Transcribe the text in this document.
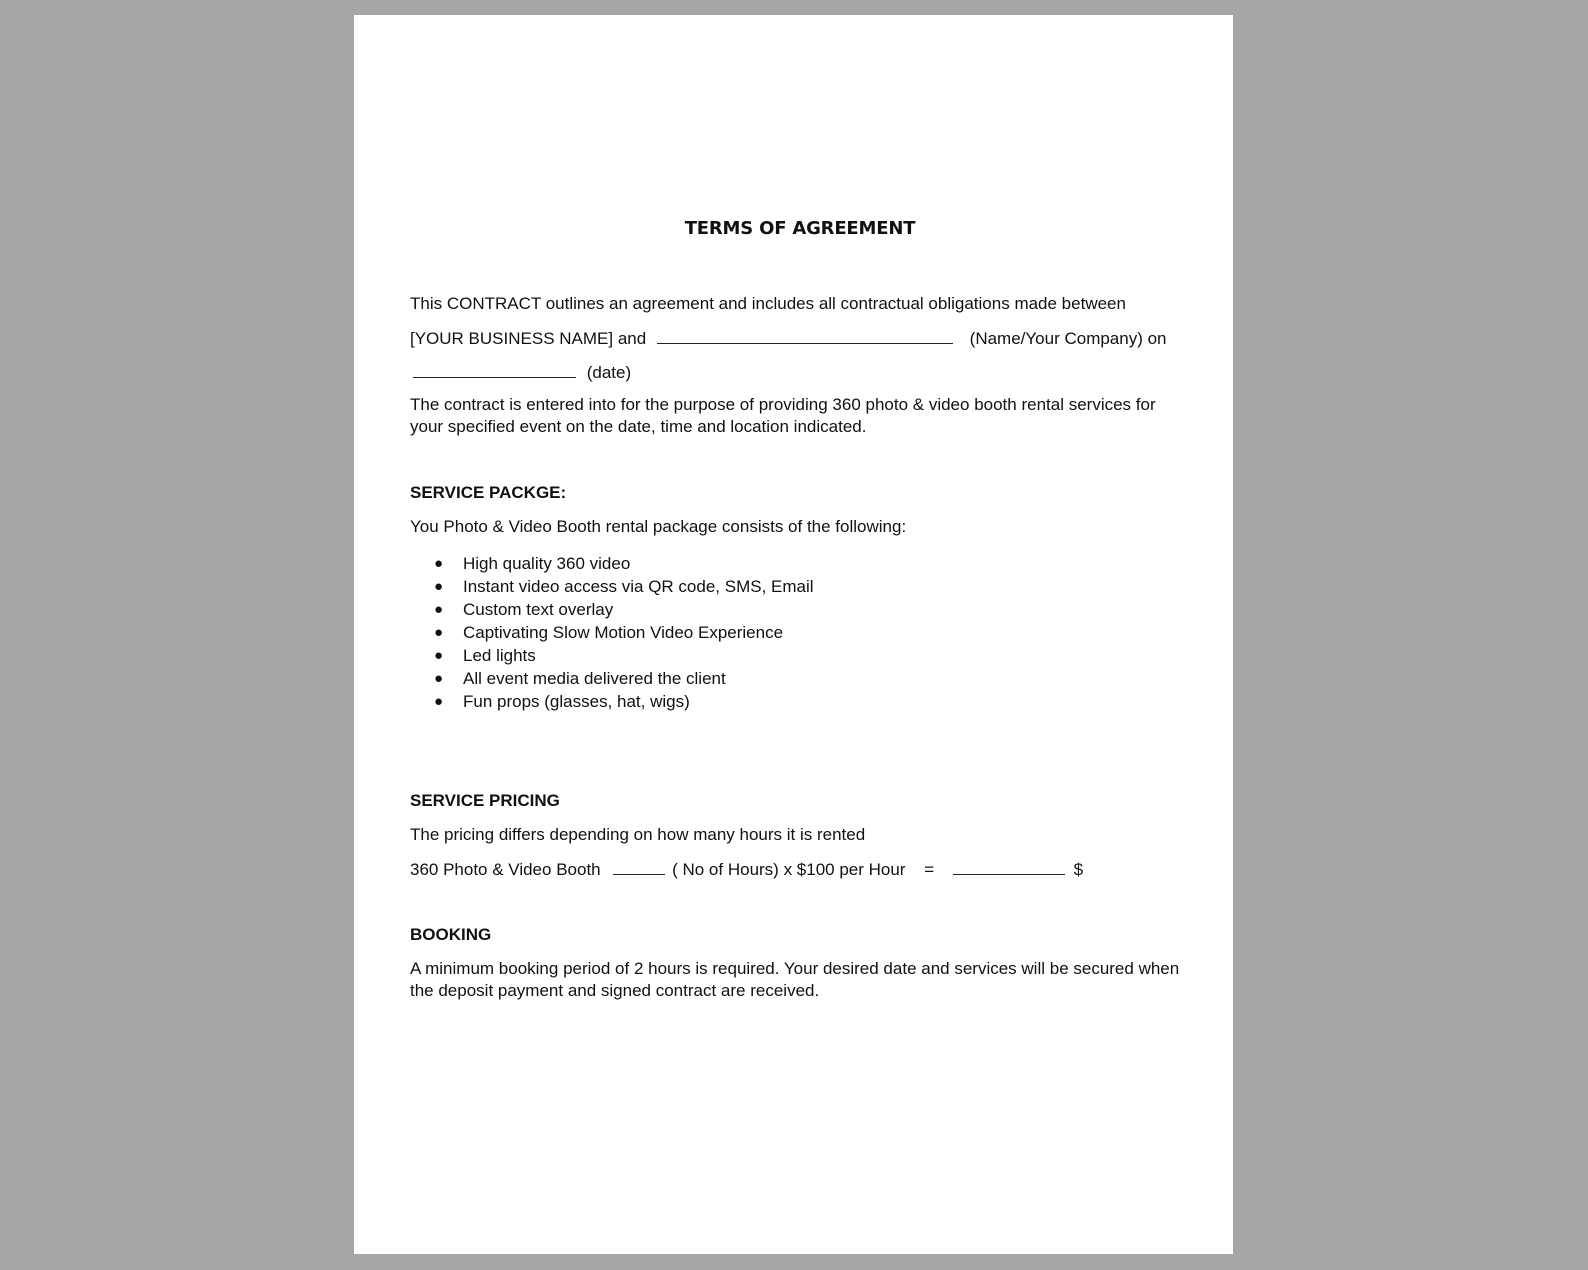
TERMS OF AGREEMENT
This CONTRACT outlines an agreement and includes all contractual obligations made between
[YOUR BUSINESS NAME] and	(Name/Your Company) on
(date)
The contract is entered into for the purpose of providing 360 photo & video booth rental services for your specified event on the date, time and location indicated.
SERVICE PACKGE:
You Photo & Video Booth rental package consists of the following:
● High quality 360 video
● Instant video access via QR code, SMS, Email
● Custom text overlay
● Captivating Slow Motion Video Experience
● Led lights
● All event media delivered the client
● Fun props (glasses, hat, wigs)
SERVICE PRICING
The pricing differs depending on how many hours it is rented
360 Photo & Video Booth	( No of Hours) x $100 per Hour =	$
BOOKING
A minimum booking period of 2 hours is required. Your desired date and services will be secured when the deposit payment and signed contract are received.
